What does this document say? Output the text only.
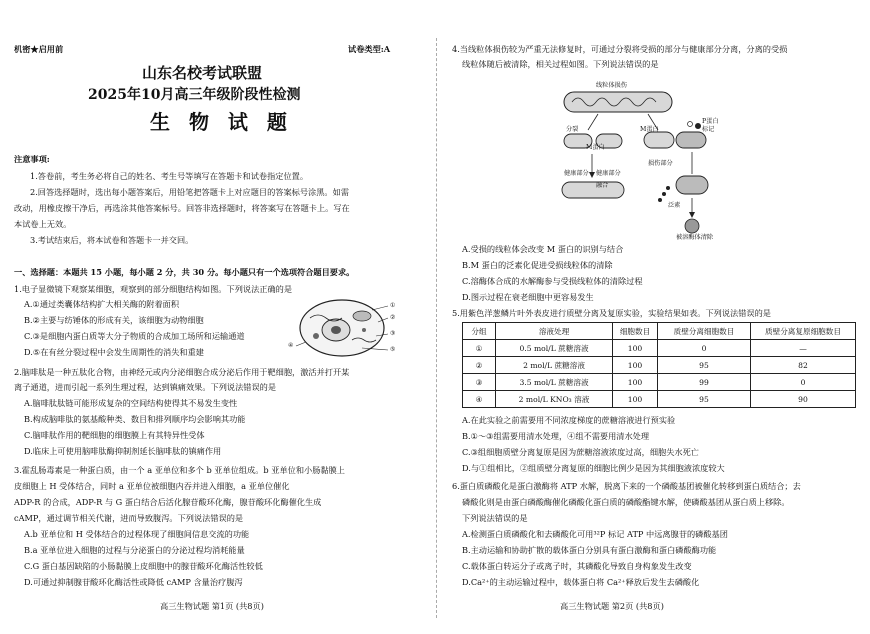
机密★启用前	试卷类型:A
山东名校考试联盟
2025年10月高三年级阶段性检测
生 物 试 题
注意事项:
1.答卷前，考生务必将自己的姓名、考生号等填写在答题卡和试卷指定位置。
2.回答选择题时，选出每小题答案后，用铅笔把答题卡上对应题目的答案标号涂黑。如需
改动，用橡皮擦干净后，再选涂其他答案标号。回答非选择题时，将答案写在答题卡上。写在
本试卷上无效。
3.考试结束后，将本试卷和答题卡一并交回。
一、选择题：本题共 15 小题，每小题 2 分，共 30 分。每小题只有一个选项符合题目要求。
1.电子显微镜下观察某细胞，观察到的部分细胞结构如图。下列说法正确的是
A.①通过类囊体结构扩大相关酶的附着面积
B.②主要与纺锤体的形成有关，该细胞为动物细胞
C.③是细胞内蛋白质等大分子物质的合成加工场所和运输通道
D.⑤在有丝分裂过程中会发生周期性的消失和重建
①
②
③
④
⑤
2.脑啡肽是一种五肽化合物，由神经元或内分泌细胞合成分泌后作用于靶细胞，激活并打开某
离子通道，进而引起一系列生理过程，达到镇痛效果。下列说法错误的是
A.脑啡肽肽链可能形成复杂的空间结构使得其不易发生变性
B.构成脑啡肽的氨基酸种类、数目和排列顺序均会影响其功能
C.脑啡肽作用的靶细胞的细胞膜上有其特异性受体
D.临床上可使用脑啡肽酶抑制剂延长脑啡肽的镇痛作用
3.霍乱肠毒素是一种蛋白质，由一个 a 亚单位和多个 b 亚单位组成。b 亚单位和小肠黏膜上
皮细胞上 H 受体结合，同时 a 亚单位被细胞内吞并进入细胞，a 亚单位催化
ADP-R 的合成，ADP-R 与 G 蛋白结合后活化腺苷酸环化酶，腺苷酸环化酶催化生成
cAMP，通过调节相关代谢，进而导致腹泻。下列说法错误的是
A.b 亚单位和 H 受体结合的过程体现了细胞间信息交流的功能
B.a 亚单位进入细胞的过程与分泌蛋白的分泌过程均消耗能量
C.G 蛋白基因缺陷的小肠黏膜上皮细胞中的腺苷酸环化酶活性较低
D.可通过抑制腺苷酸环化酶活性或降低 cAMP 含量治疗腹泻
高三生物试题 第1页 (共8页)
4.当线粒体损伤较为严重无法修复时，可通过分裂将受损的部分与健康部分分离，分离的受损
线粒体随后被清除，相关过程如图。下列说法错误的是
线粒体损伤
分裂	M蛋白
M蛋白
P蛋白
标记
健康部分 健康部分
损伤部分
融合
泛素
被溶酶体清除
A.受损的线粒体会改变 M 蛋白的识别与结合
B.M 蛋白的泛素化促进受损线粒体的清除
C.溶酶体合成的水解酶参与受损线粒体的清除过程
D.图示过程在衰老细胞中更容易发生
5.用紫色洋葱鳞片叶外表皮进行质壁分离及复原实验，实验结果如表。下列说法错误的是
分组	溶液处理	细胞数目	质壁分离细胞数目	质壁分离复原细胞数目
①	0.5 mol/L 蔗糖溶液	100	0	—
②	2 mol/L 蔗糖溶液	100	95	82
③	3.5 mol/L 蔗糖溶液	100	99	0
④	2 mol/L KNO₃ 溶液	100	95	90
A.在此实验之前需要用不同浓度梯度的蔗糖溶液进行预实验
B.①～③组需要用清水处理，④组不需要用清水处理
C.③组细胞质壁分离复原是因为蔗糖溶液浓度过高，细胞失水死亡
D.与①组相比，②组质壁分离复原的细胞比例少是因为其细胞液浓度较大
6.蛋白质磷酸化是蛋白激酶将 ATP 水解，脱离下来的一个磷酸基团被催化转移到蛋白质结合；去
磷酸化则是由蛋白磷酸酶催化磷酸化蛋白质的磷酸酯键水解，使磷酸基团从蛋白质上移除。
下列说法错误的是
A.检测蛋白质磷酸化和去磷酸化可用³²P 标记 ATP 中远离腺苷的磷酸基团
B.主动运输和协助扩散的载体蛋白分别具有蛋白激酶和蛋白磷酸酶功能
C.载体蛋白转运分子或离子时，其磷酸化导致自身构象发生改变
D.Ca²⁺的主动运输过程中，载体蛋白将 Ca²⁺释放后发生去磷酸化
高三生物试题 第2页 (共8页)
